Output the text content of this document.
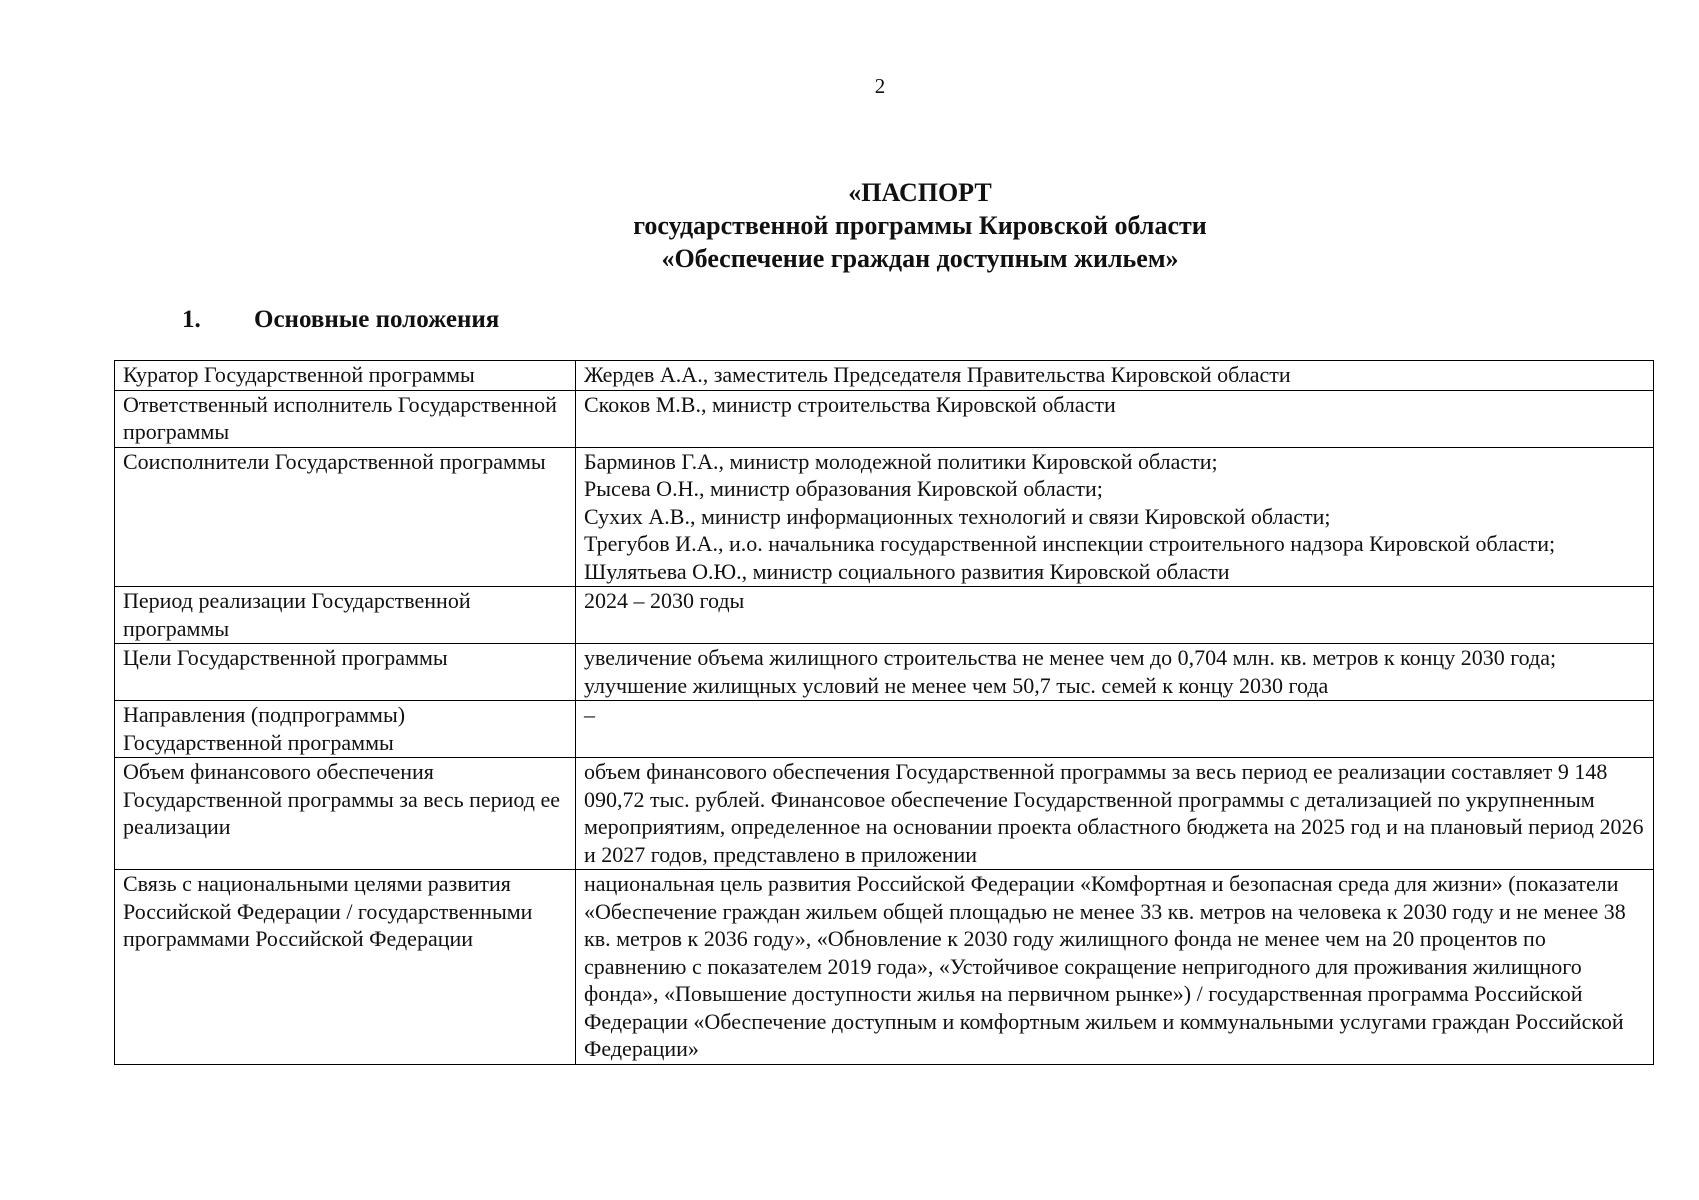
2
«ПАСПОРТ
государственной программы Кировской области
«Обеспечение граждан доступным жильем»
1. Основные положения
Куратор Государственной программы	Жердев А.А., заместитель Председателя Правительства Кировской области

Ответственный исполнитель Государственной программы	Скоков М.В., министр строительства Кировской области

Соисполнители Государственной программы	Барминов Г.А., министр молодежной политики Кировской области;
Рысева О.Н., министр образования Кировской области;
Сухих А.В., министр информационных технологий и связи Кировской области;
Трегубов И.А., и.о. начальника государственной инспекции строительного надзора Кировской области;
Шулятьева О.Ю., министр социального развития Кировской области

Период реализации Государственной программы	2024 – 2030 годы

Цели Государственной программы	увеличение объема жилищного строительства не менее чем до 0,704 млн. кв. метров к концу 2030 года;
улучшение жилищных условий не менее чем 50,7 тыс. семей к концу 2030 года

Направления (подпрограммы) Государственной программы	–

Объем финансового обеспечения Государственной программы за весь период ее реализации	объем финансового обеспечения Государственной программы за весь период ее реализации составляет 9 148 090,72 тыс. рублей. Финансовое обеспечение Государственной программы с детализацией по укрупненным мероприятиям, определенное на основании проекта областного бюджета на 2025 год и на плановый период 2026 и 2027 годов, представлено в приложении

Связь с национальными целями развития Российской Федерации / государственными программами Российской Федерации	национальная цель развития Российской Федерации «Комфортная и безопасная среда для жизни» (показатели «Обеспечение граждан жильем общей площадью не менее 33 кв. метров на человека к 2030 году и не менее 38 кв. метров к 2036 году», «Обновление к 2030 году жилищного фонда не менее чем на 20 процентов по сравнению с показателем 2019 года», «Устойчивое сокращение непригодного для проживания жилищного фонда», «Повышение доступности жилья на первичном рынке») / государственная программа Российской Федерации «Обеспечение доступным и комфортным жильем и коммунальными услугами граждан Российской Федерации»
